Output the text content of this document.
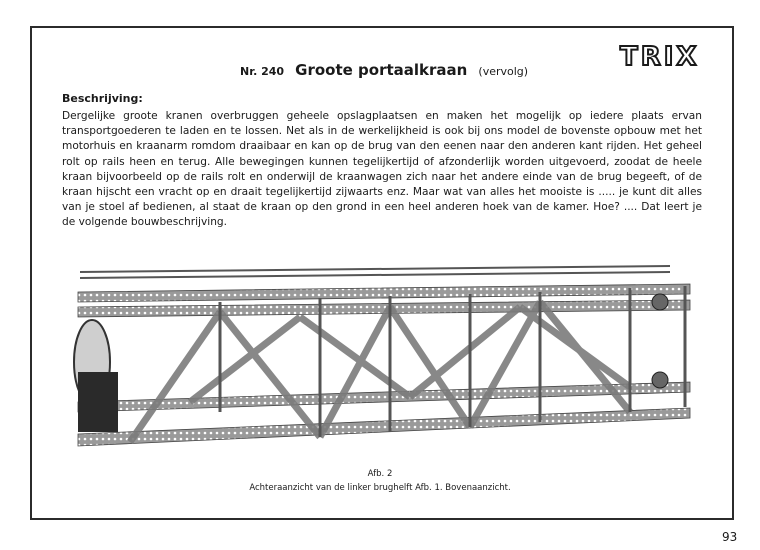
TRIX
Nr. 240 Groote portaalkraan (vervolg)
Beschrijving:
Dergelijke groote kranen overbruggen geheele opslagplaatsen en maken het mogelijk op iedere plaats ervan transportgoederen te laden en te lossen. Net als in de werkelijkheid is ook bij ons model de bovenste opbouw met het motorhuis en kraanarm romdom draaibaar en kan op de brug van den eenen naar den anderen kant rijden. Het geheel rolt op rails heen en terug. Alle bewegingen kunnen tegelijkertijd of afzonderlijk worden uitgevoerd, zoodat de heele kraan bijvoorbeeld op de rails rolt en onderwijl de kraanwagen zich naar het andere einde van de brug begeeft, of de kraan hijscht een vracht op en draait tegelijkertijd zijwaarts enz. Maar wat van alles het mooiste is ..... je kunt dit alles van je stoel af bedienen, al staat de kraan op den grond in een heel anderen hoek van de kamer. Hoe? .... Dat leert je de volgende bouwbeschrijving.
Afb. 2
Achteraanzicht van de linker brughelft Afb. 1. Bovenaanzicht.
93
